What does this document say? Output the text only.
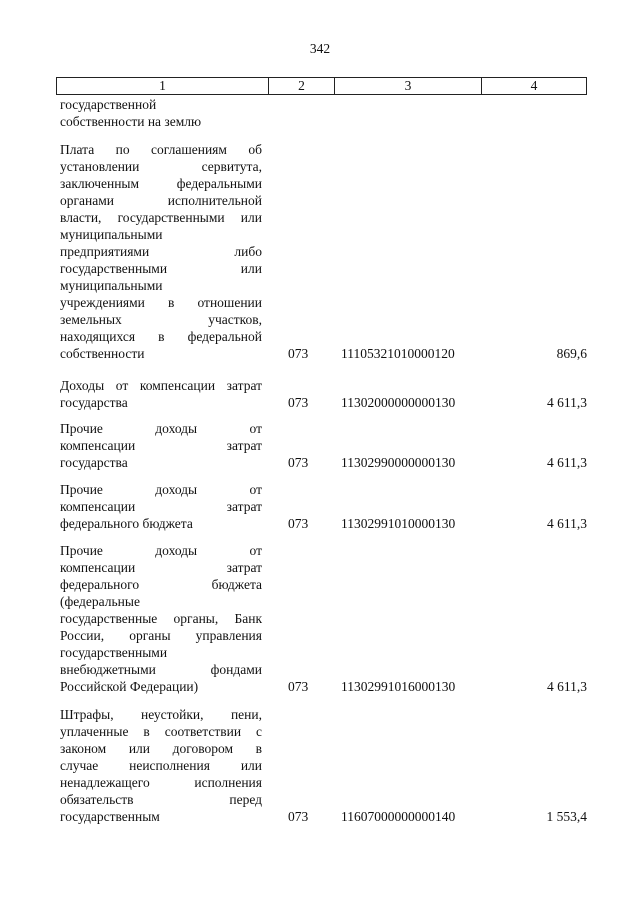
342
1	2	3	4
государственной
собственности на землю
Плата по соглашениям об
установлении сервитута,
заключенным федеральными
органами исполнительной
власти, государственными или
муниципальными
предприятиями либо
государственными или
муниципальными
учреждениями в отношении
земельных участков,
находящихся в федеральной
собственности	073 11105321010000120	869,6
Доходы от компенсации затрат
государства	073 11302000000000130	4 611,3
Прочие доходы от
компенсации затрат
государства	073 11302990000000130	4 611,3
Прочие доходы от
компенсации затрат
федерального бюджета	073 11302991010000130	4 611,3
Прочие доходы от
компенсации затрат
федерального бюджета
(федеральные
государственные органы, Банк
России, органы управления
государственными
внебюджетными фондами
Российской Федерации)	073 11302991016000130	4 611,3
Штрафы, неустойки, пени,
уплаченные в соответствии с
законом или договором в
случае неисполнения или
ненадлежащего исполнения
обязательств перед
государственным	073 11607000000000140	1 553,4
